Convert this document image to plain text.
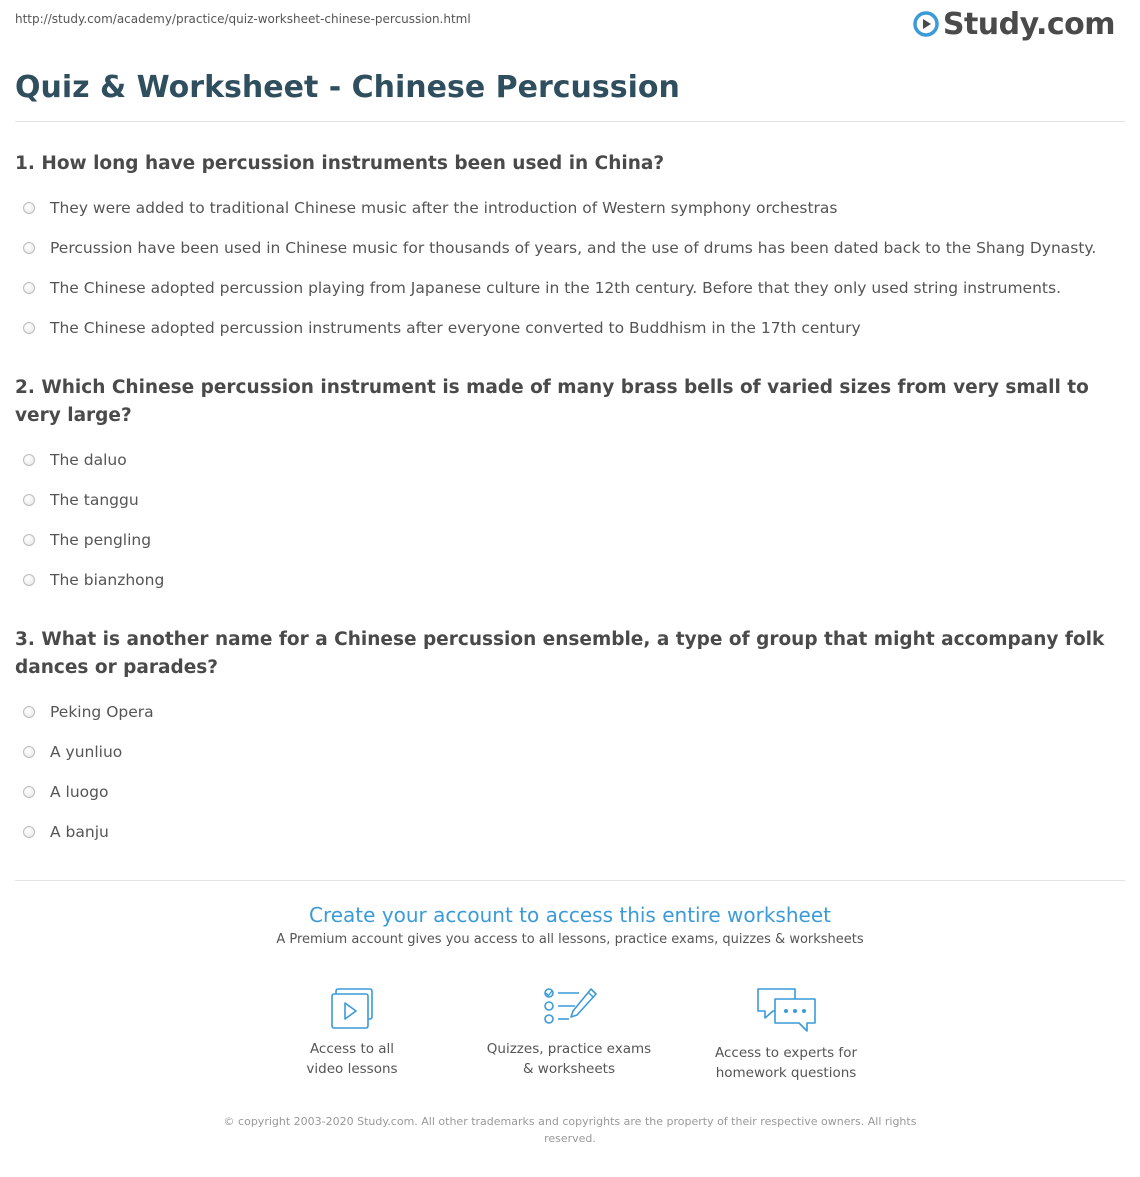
http://study.com/academy/practice/quiz-worksheet-chinese-percussion.html	Study.com
Quiz & Worksheet - Chinese Percussion

1. How long have percussion instruments been used in China?

They were added to traditional Chinese music after the introduction of Western symphony orchestras
Percussion have been used in Chinese music for thousands of years, and the use of drums has been dated back to the Shang Dynasty.
The Chinese adopted percussion playing from Japanese culture in the 12th century. Before that they only used string instruments.
The Chinese adopted percussion instruments after everyone converted to Buddhism in the 17th century

2. Which Chinese percussion instrument is made of many brass bells of varied sizes from very small to very large?

The daluo
The tanggu
The pengling
The bianzhong

3. What is another name for a Chinese percussion ensemble, a type of group that might accompany folk dances or parades?

Peking Opera
A yunliuo
A luogo
A banju

Create your account to access this entire worksheet

A Premium account gives you access to all lessons, practice exams, quizzes & worksheets

Access to all
video lessons
Quizzes, practice exams
& worksheets
Access to experts for
homework questions
© copyright 2003-2020 Study.com. All other trademarks and copyrights are the property of their respective owners. All rights reserved.
